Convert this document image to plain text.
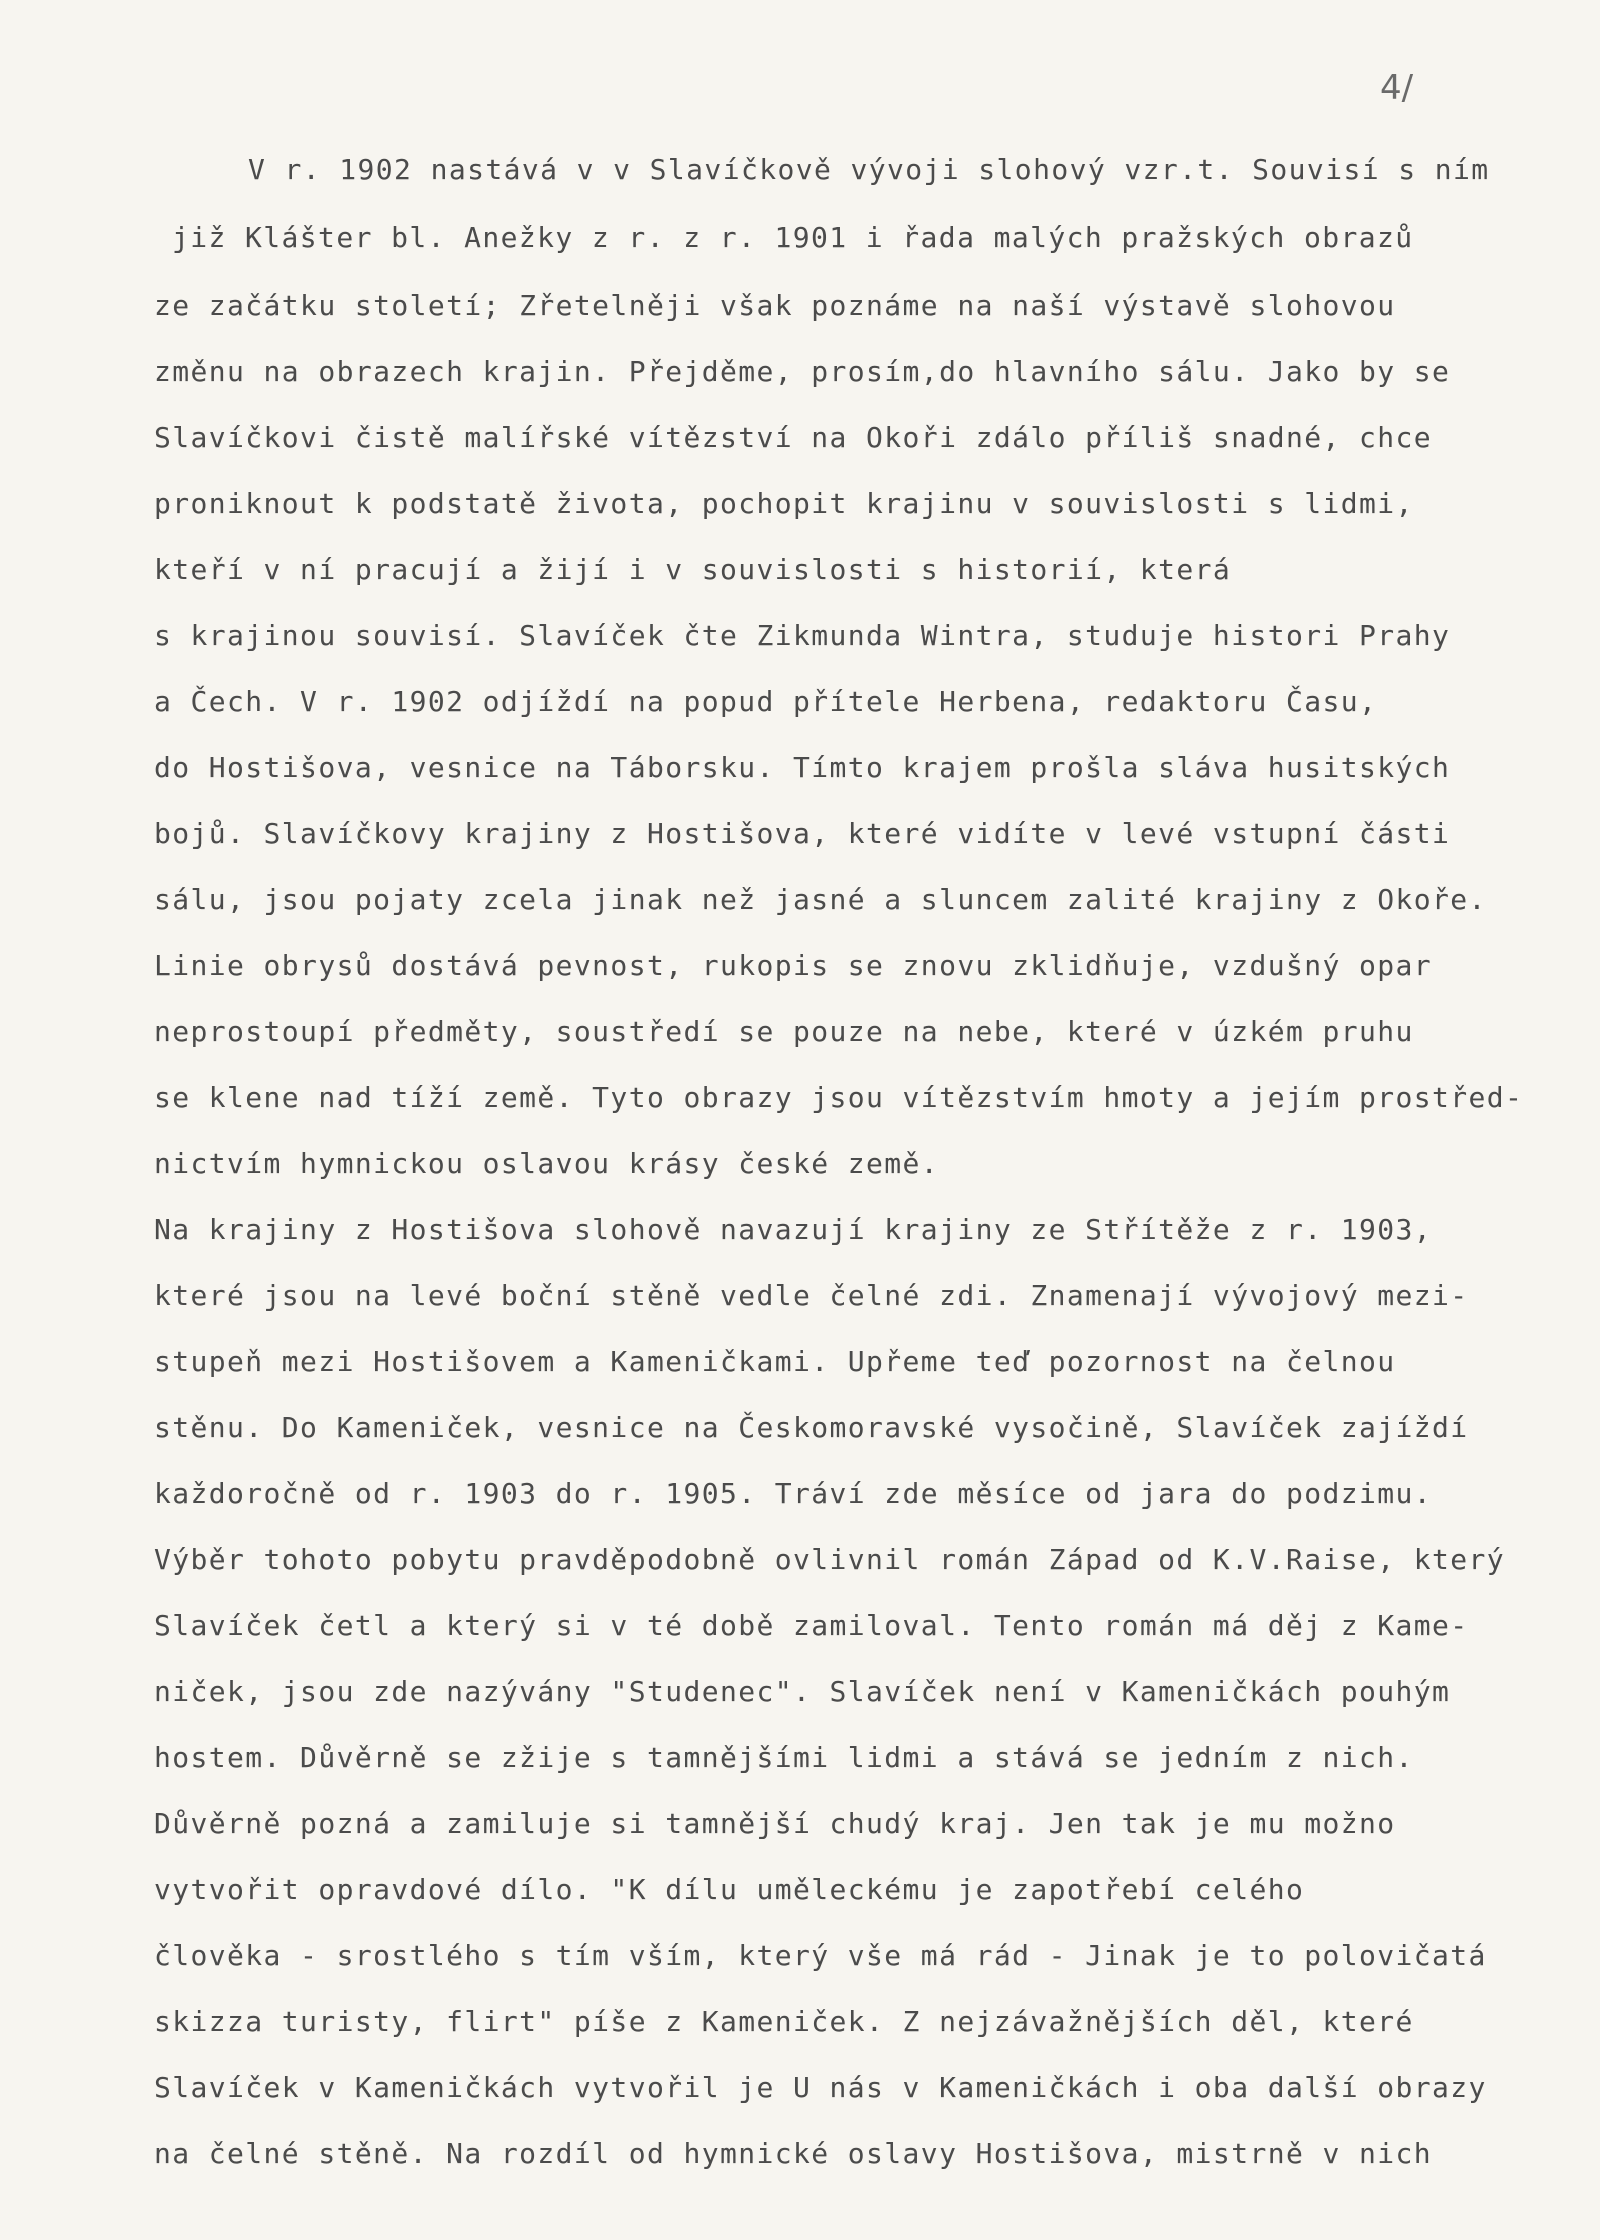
4/
V r. 1902 nastává v v Slavíčkově vývoji slohový vzr.t. Souvisí s ním
již Klášter bl. Anežky z r. z r. 1901 i řada malých pražských obrazů
ze začátku století; Zřetelněji však poznáme na naší výstavě slohovou
změnu na obrazech krajin. Přejděme, prosím,do hlavního sálu. Jako by se
Slavíčkovi čistě malířské vítězství na Okoři zdálo příliš snadné, chce
proniknout k podstatě života, pochopit krajinu v souvislosti s lidmi,
kteří v ní pracují a žijí i v souvislosti s historií, která
s krajinou souvisí. Slavíček čte Zikmunda Wintra, studuje histori Prahy
a Čech. V r. 1902 odjíždí na popud přítele Herbena, redaktoru Času,
do Hostišova, vesnice na Táborsku. Tímto krajem prošla sláva husitských
bojů. Slavíčkovy krajiny z Hostišova, které vidíte v levé vstupní části
sálu, jsou pojaty zcela jinak než jasné a sluncem zalité krajiny z Okoře.
Linie obrysů dostává pevnost, rukopis se znovu zklidňuje, vzdušný opar
neprostoupí předměty, soustředí se pouze na nebe, které v úzkém pruhu
se klene nad tíží země. Tyto obrazy jsou vítězstvím hmoty a jejím prostřed-
nictvím hymnickou oslavou krásy české země.
Na krajiny z Hostišova slohově navazují krajiny ze Střítěže z r. 1903,
které jsou na levé boční stěně vedle čelné zdi. Znamenají vývojový mezi-
stupeň mezi Hostišovem a Kameničkami. Upřeme teď pozornost na čelnou
stěnu. Do Kameniček, vesnice na Českomoravské vysočině, Slavíček zajíždí
každoročně od r. 1903 do r. 1905. Tráví zde měsíce od jara do podzimu.
Výběr tohoto pobytu pravděpodobně ovlivnil román Západ od K.V.Raise, který
Slavíček četl a který si v té době zamiloval. Tento román má děj z Kame-
niček, jsou zde nazývány "Studenec". Slavíček není v Kameničkách pouhým
hostem. Důvěrně se zžije s tamnějšími lidmi a stává se jedním z nich.
Důvěrně pozná a zamiluje si tamnější chudý kraj. Jen tak je mu možno
vytvořit opravdové dílo. "K dílu uměleckému je zapotřebí celého
člověka - srostlého s tím vším, který vše má rád - Jinak je to polovičatá
skizza turisty, flirt" píše z Kameniček. Z nejzávažnějších děl, které
Slavíček v Kameničkách vytvořil je U nás v Kameničkách i oba další obrazy
na čelné stěně. Na rozdíl od hymnické oslavy Hostišova, mistrně v nich
